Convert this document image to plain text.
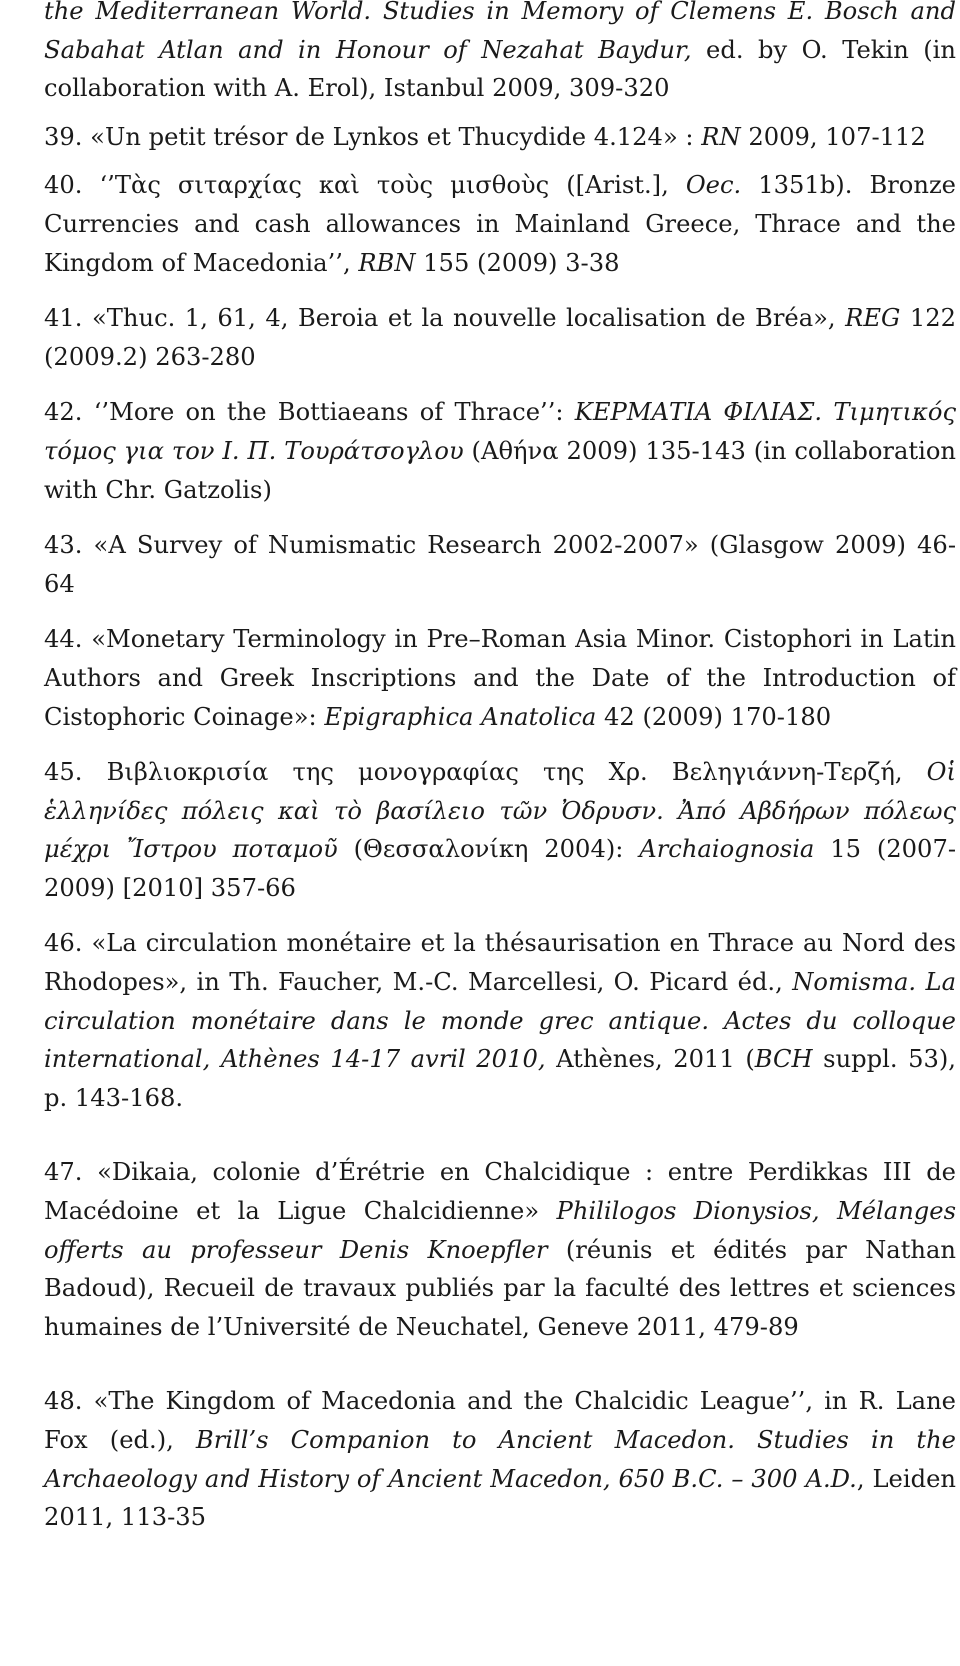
the Mediterranean World. Studies in Memory of Clemens E. Bosch and Sabahat Atlan and in Honour of Nezahat Baydur, ed. by O. Tekin (in collaboration with A. Erol), Istanbul 2009, 309-320

39. «Un petit trésor de Lynkos et Thucydide 4.124» : RN 2009, 107-112

40. ‘’Tὰς σιταρχίας καὶ τοὺς μισθοὺς ([Arist.], Oec. 1351b). Bronze Currencies and cash allowances in Mainland Greece, Thrace and the Kingdom of Macedonia’’, RBN 155 (2009) 3-38

41. «Thuc. 1, 61, 4, Beroia et la nouvelle localisation de Bréa», REG 122 (2009.2) 263-280

42. ‘’More on the Bottiaeans of Thrace’’: ΚΕΡΜΑΤΙΑ ΦΙΛΙΑΣ. Τιμητικός τόμος για τον Ι. Π. Τουράτσογλου (Αθήνα 2009) 135-143 (in collaboration with Chr. Gatzolis)

43. «A Survey of Numismatic Research 2002-2007» (Glasgow 2009) 46-64

44. «Monetary Terminology in Pre–Roman Asia Minor. Cistophori in Latin Authors and Greek Inscriptions and the Date of the Introduction of Cistophoric Coinage»: Epigraphica Anatolica 42 (2009) 170-180

45. Βιβλιοκρισία της μονογραφίας της Χρ. Βεληγιάννη-Τερζή, Οἱ ἑλληνίδες πόλεις καὶ τὸ βασίλειο τῶν Ὀδρυσν. Ἀπό Αβδήρων πόλεως μέχρι Ἴστρου ποταμοῦ (Θεσσαλονίκη 2004): Archaiognosia 15 (2007-2009) [2010] 357-66

46. «La circulation monétaire et la thésaurisation en Thrace au Nord des Rhodopes», in Th. Faucher, M.-C. Marcellesi, O. Picard éd., Nomisma. La circulation monétaire dans le monde grec antique. Actes du colloque international, Athènes 14-17 avril 2010, Athènes, 2011 (BCH suppl. 53), p. 143-168.

47. «Dikaia, colonie d’Érétrie en Chalcidique : entre Perdikkas III de Macédoine et la Ligue Chalcidienne» Phililogos Dionysios, Mélanges offerts au professeur Denis Knoepfler (réunis et édités par Nathan Badoud), Recueil de travaux publiés par la faculté des lettres et sciences humaines de l’Université de Neuchatel, Geneve 2011, 479-89

48. «The Kingdom of Macedonia and the Chalcidic League’’, in R. Lane Fox (ed.), Brill’s Companion to Ancient Macedon. Studies in the Archaeology and History of Ancient Macedon, 650 B.C. – 300 A.D., Leiden 2011, 113-35
